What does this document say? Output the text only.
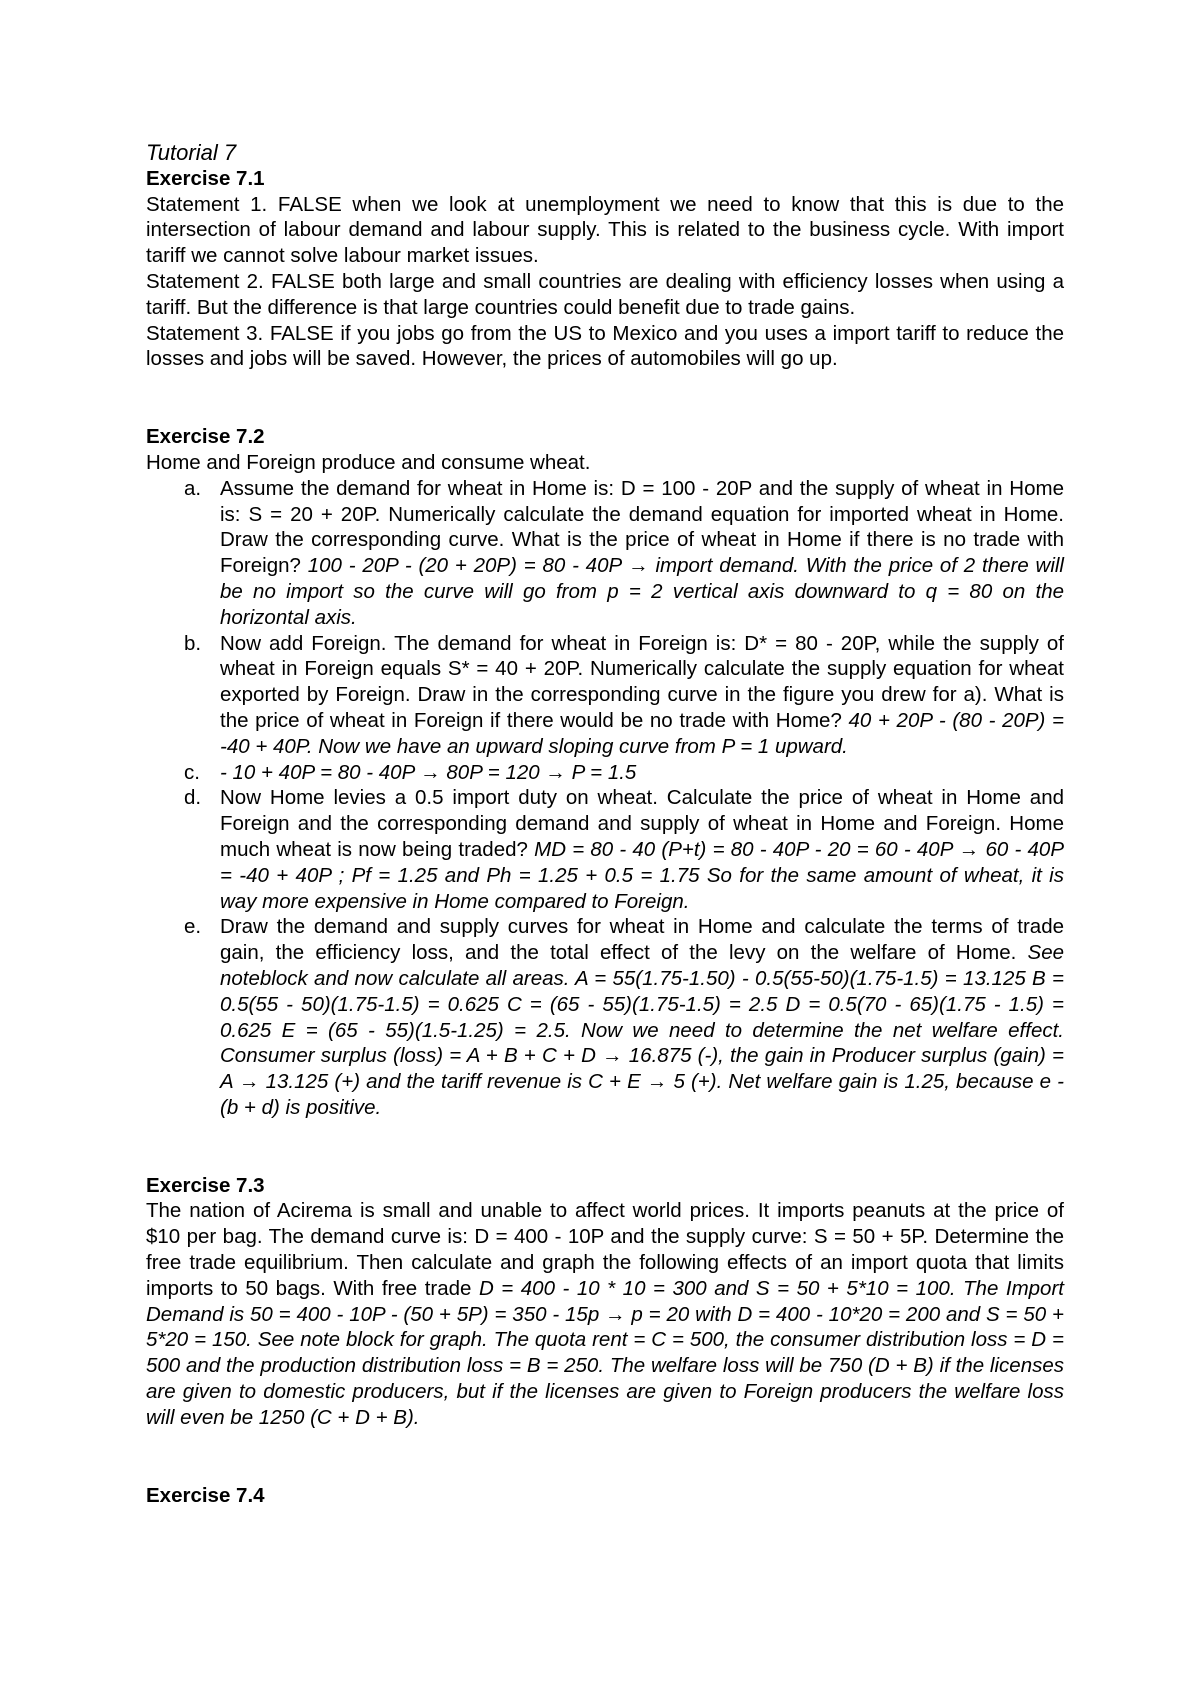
Tutorial 7

Exercise 7.1

Statement 1. FALSE when we look at unemployment we need to know that this is due to the intersection of labour demand and labour supply. This is related to the business cycle. With import tariff we cannot solve labour market issues.

Statement 2. FALSE both large and small countries are dealing with efficiency losses when using a tariff. But the difference is that large countries could benefit due to trade gains.

Statement 3. FALSE if you jobs go from the US to Mexico and you uses a import tariff to reduce the losses and jobs will be saved. However, the prices of automobiles will go up.

Exercise 7.2

Home and Foreign produce and consume wheat.

a. Assume the demand for wheat in Home is: D = 100 - 20P and the supply of wheat in Home is: S = 20 + 20P. Numerically calculate the demand equation for imported wheat in Home. Draw the corresponding curve. What is the price of wheat in Home if there is no trade with Foreign? 100 - 20P - (20 + 20P) = 80 - 40P → import demand. With the price of 2 there will be no import so the curve will go from p = 2 vertical axis downward to q = 80 on the horizontal axis.
b. Now add Foreign. The demand for wheat in Foreign is: D* = 80 - 20P, while the supply of wheat in Foreign equals S* = 40 + 20P. Numerically calculate the supply equation for wheat exported by Foreign. Draw in the corresponding curve in the figure you drew for a). What is the price of wheat in Foreign if there would be no trade with Home? 40 + 20P - (80 - 20P) = -40 + 40P. Now we have an upward sloping curve from P = 1 upward.
c. - 10 + 40P = 80 - 40P → 80P = 120 → P = 1.5
d. Now Home levies a 0.5 import duty on wheat. Calculate the price of wheat in Home and Foreign and the corresponding demand and supply of wheat in Home and Foreign. Home much wheat is now being traded? MD = 80 - 40 (P+t) = 80 - 40P - 20 = 60 - 40P → 60 - 40P = -40 + 40P ; Pf = 1.25 and Ph = 1.25 + 0.5 = 1.75 So for the same amount of wheat, it is way more expensive in Home compared to Foreign.
e. Draw the demand and supply curves for wheat in Home and calculate the terms of trade gain, the efficiency loss, and the total effect of the levy on the welfare of Home. See noteblock and now calculate all areas. A = 55(1.75-1.50) - 0.5(55-50)(1.75-1.5) = 13.125 B = 0.5(55 - 50)(1.75-1.5) = 0.625 C = (65 - 55)(1.75-1.5) = 2.5 D = 0.5(70 - 65)(1.75 - 1.5) = 0.625 E = (65 - 55)(1.5-1.25) = 2.5. Now we need to determine the net welfare effect. Consumer surplus (loss) = A + B + C + D → 16.875 (-), the gain in Producer surplus (gain) = A → 13.125 (+) and the tariff revenue is C + E → 5 (+). Net welfare gain is 1.25, because e - (b + d) is positive.

Exercise 7.3

The nation of Acirema is small and unable to affect world prices. It imports peanuts at the price of $10 per bag. The demand curve is: D = 400 - 10P and the supply curve: S = 50 + 5P. Determine the free trade equilibrium. Then calculate and graph the following effects of an import quota that limits imports to 50 bags. With free trade D = 400 - 10 * 10 = 300 and S = 50 + 5*10 = 100. The Import Demand is 50 = 400 - 10P - (50 + 5P) = 350 - 15p → p = 20 with D = 400 - 10*20 = 200 and S = 50 + 5*20 = 150. See note block for graph. The quota rent = C = 500, the consumer distribution loss = D = 500 and the production distribution loss = B = 250. The welfare loss will be 750 (D + B) if the licenses are given to domestic producers, but if the licenses are given to Foreign producers the welfare loss will even be 1250 (C + D + B).

Exercise 7.4
